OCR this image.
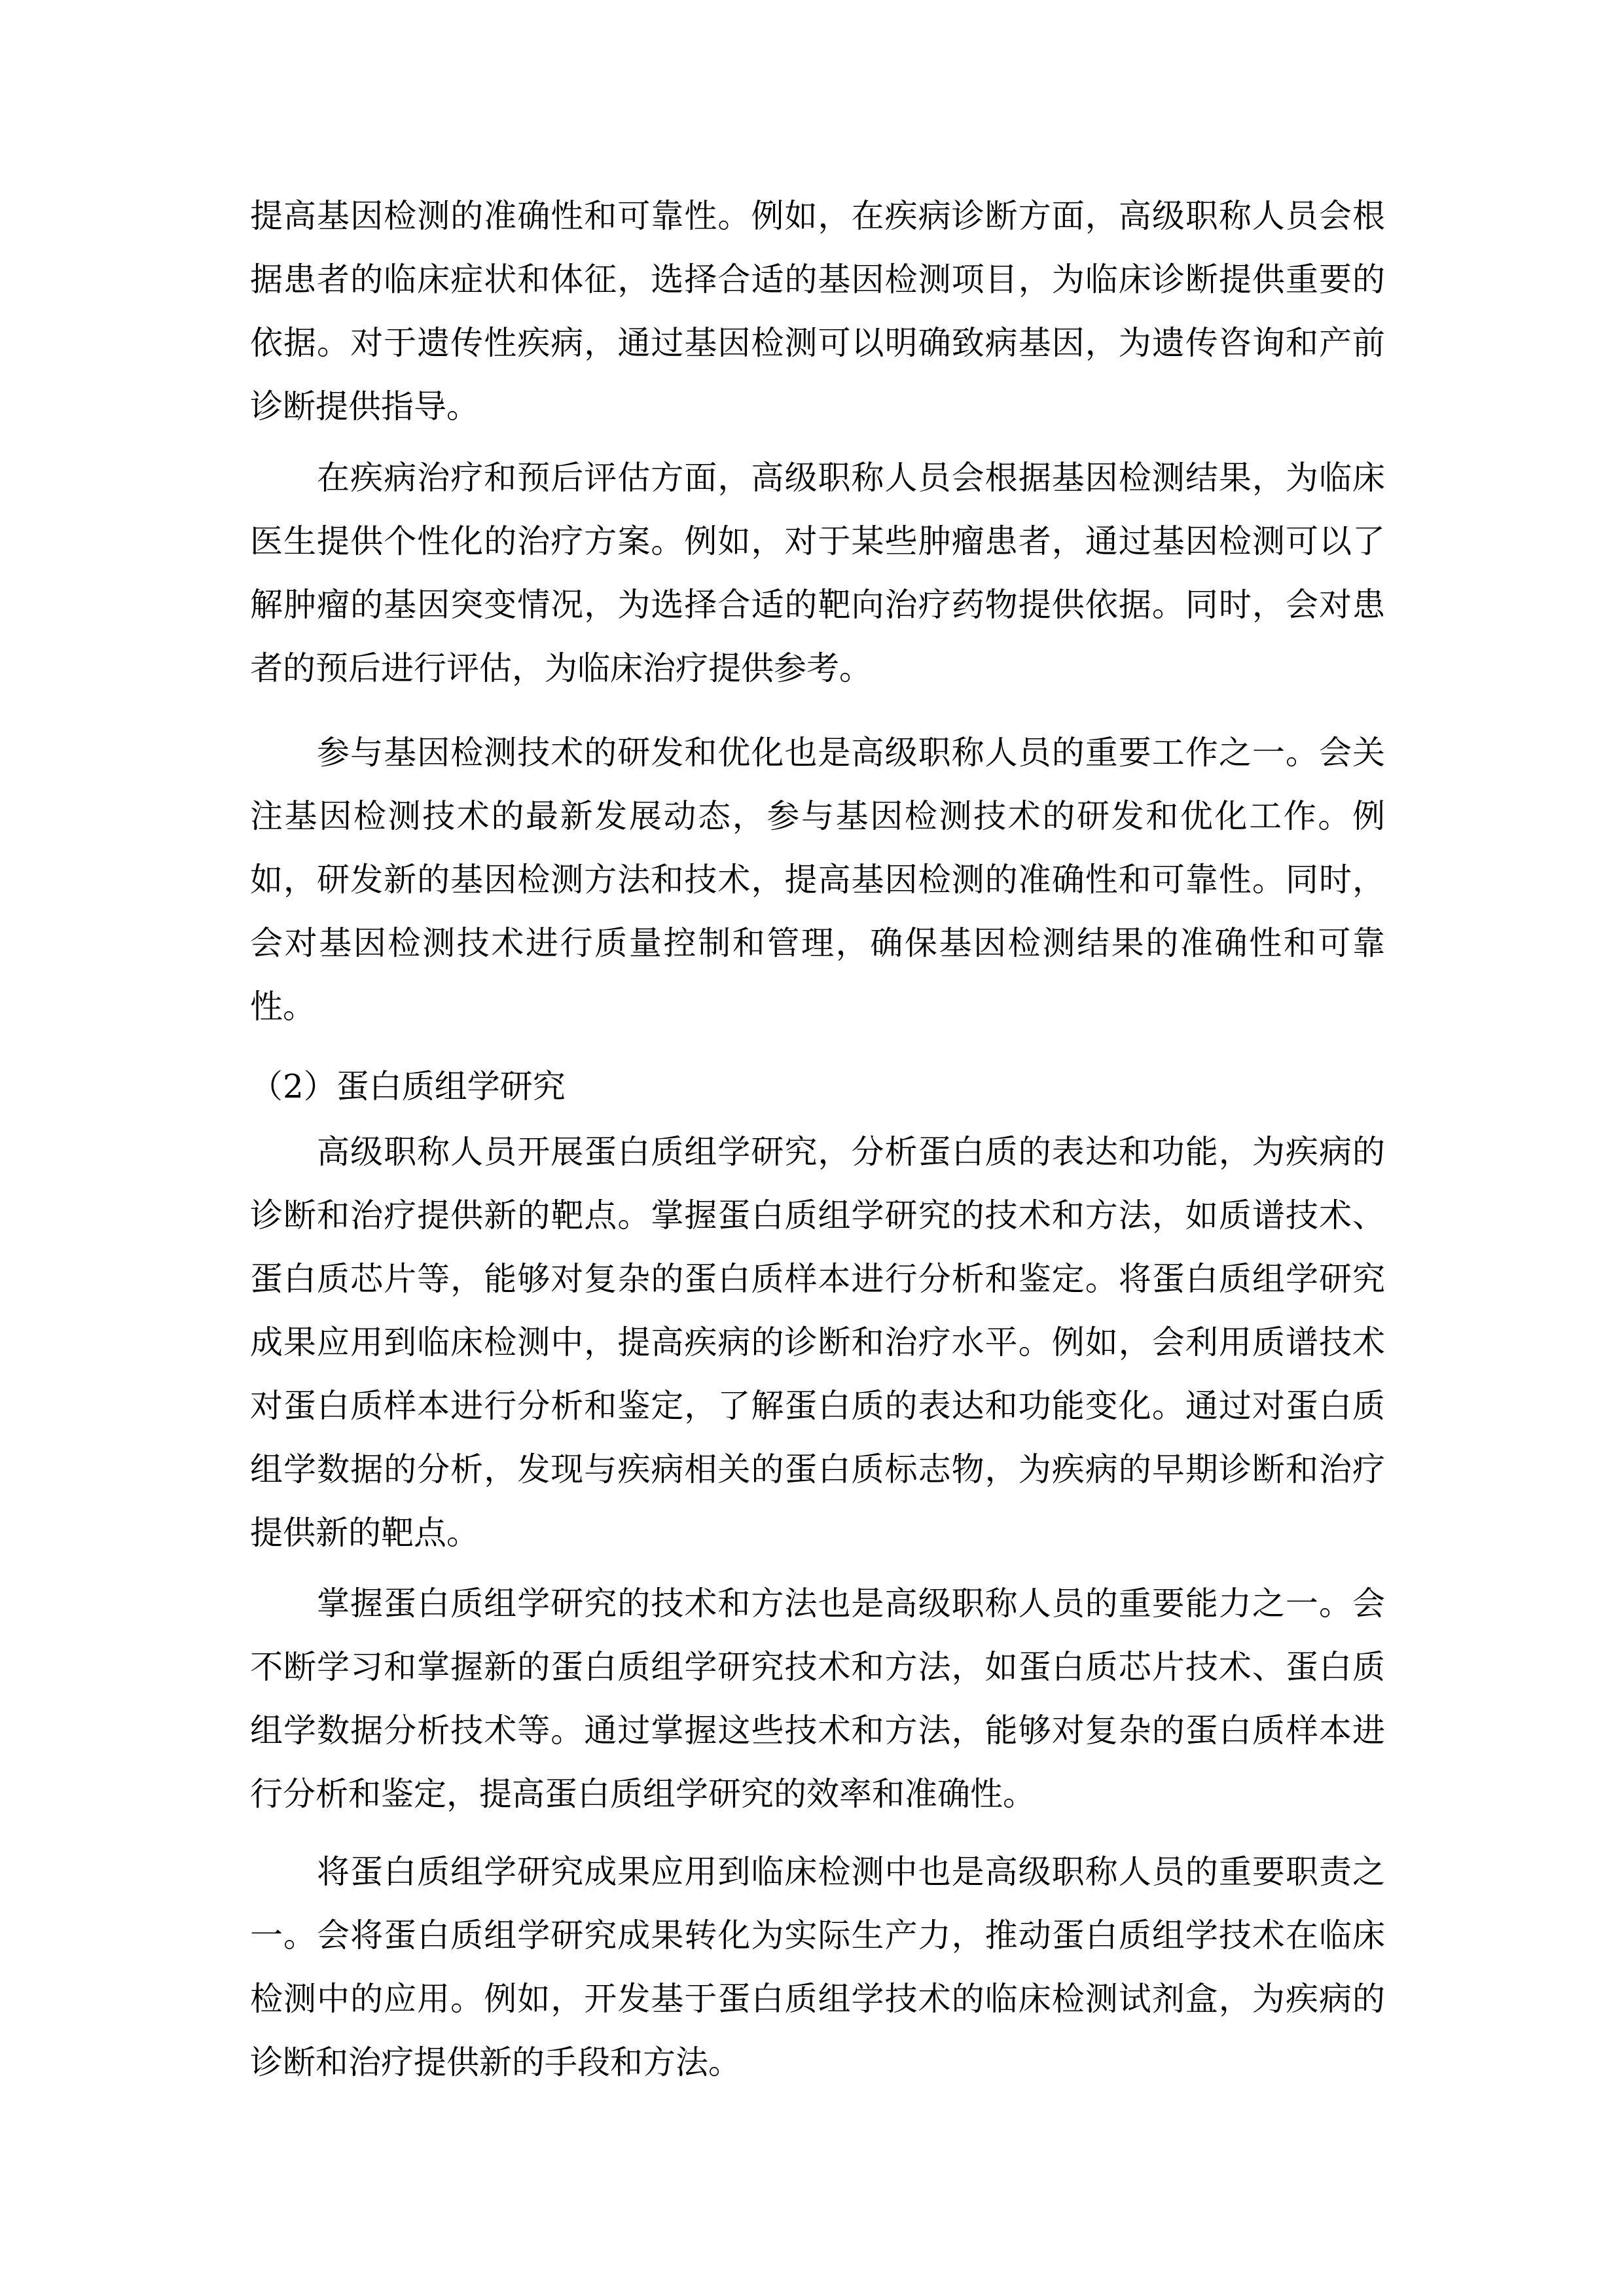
提高基因检测的准确性和可靠性。例如，在疾病诊断方面，高级职称人员会根
据患者的临床症状和体征，选择合适的基因检测项目，为临床诊断提供重要的
依据。对于遗传性疾病，通过基因检测可以明确致病基因，为遗传咨询和产前
诊断提供指导。
在疾病治疗和预后评估方面，高级职称人员会根据基因检测结果，为临床
医生提供个性化的治疗方案。例如，对于某些肿瘤患者，通过基因检测可以了
解肿瘤的基因突变情况，为选择合适的靶向治疗药物提供依据。同时，会对患
者的预后进行评估，为临床治疗提供参考。
参与基因检测技术的研发和优化也是高级职称人员的重要工作之一。会关
注基因检测技术的最新发展动态，参与基因检测技术的研发和优化工作。例
如，研发新的基因检测方法和技术，提高基因检测的准确性和可靠性。同时，
会对基因检测技术进行质量控制和管理，确保基因检测结果的准确性和可靠
性。
（2）蛋白质组学研究
高级职称人员开展蛋白质组学研究，分析蛋白质的表达和功能，为疾病的
诊断和治疗提供新的靶点。掌握蛋白质组学研究的技术和方法，如质谱技术、
蛋白质芯片等，能够对复杂的蛋白质样本进行分析和鉴定。将蛋白质组学研究
成果应用到临床检测中，提高疾病的诊断和治疗水平。例如，会利用质谱技术
对蛋白质样本进行分析和鉴定，了解蛋白质的表达和功能变化。通过对蛋白质
组学数据的分析，发现与疾病相关的蛋白质标志物，为疾病的早期诊断和治疗
提供新的靶点。
掌握蛋白质组学研究的技术和方法也是高级职称人员的重要能力之一。会
不断学习和掌握新的蛋白质组学研究技术和方法，如蛋白质芯片技术、蛋白质
组学数据分析技术等。通过掌握这些技术和方法，能够对复杂的蛋白质样本进
行分析和鉴定，提高蛋白质组学研究的效率和准确性。
将蛋白质组学研究成果应用到临床检测中也是高级职称人员的重要职责之
一。会将蛋白质组学研究成果转化为实际生产力，推动蛋白质组学技术在临床
检测中的应用。例如，开发基于蛋白质组学技术的临床检测试剂盒，为疾病的
诊断和治疗提供新的手段和方法。
